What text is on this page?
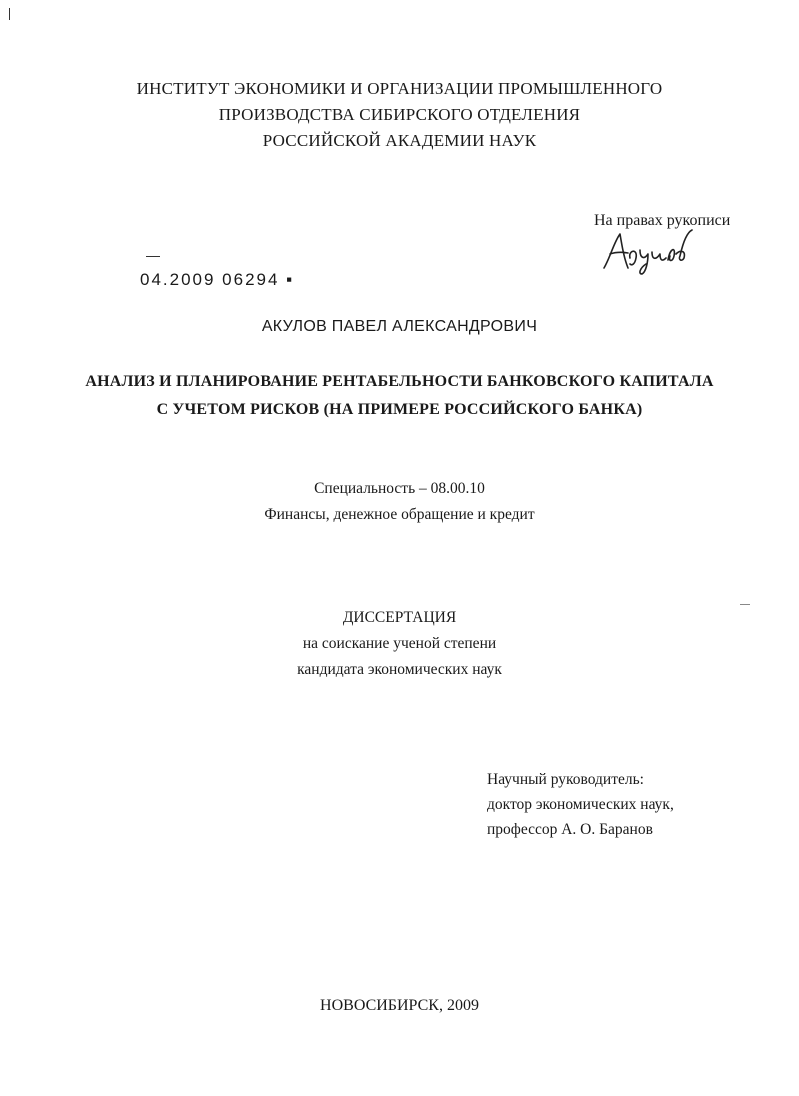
ИНСТИТУТ ЭКОНОМИКИ И ОРГАНИЗАЦИИ ПРОМЫШЛЕННОГО
ПРОИЗВОДСТВА СИБИРСКОГО ОТДЕЛЕНИЯ
РОССИЙСКОЙ АКАДЕМИИ НАУК
На правах рукописи
04.2009 06294 ▪
АКУЛОВ ПАВЕЛ АЛЕКСАНДРОВИЧ
АНАЛИЗ И ПЛАНИРОВАНИЕ РЕНТАБЕЛЬНОСТИ БАНКОВСКОГО КАПИТАЛА
С УЧЕТОМ РИСКОВ (НА ПРИМЕРЕ РОССИЙСКОГО БАНКА)
Специальность – 08.00.10
Финансы, денежное обращение и кредит
ДИССЕРТАЦИЯ
на соискание ученой степени
кандидата экономических наук
Научный руководитель:
доктор экономических наук,
профессор А. О. Баранов
НОВОСИБИРСК, 2009
